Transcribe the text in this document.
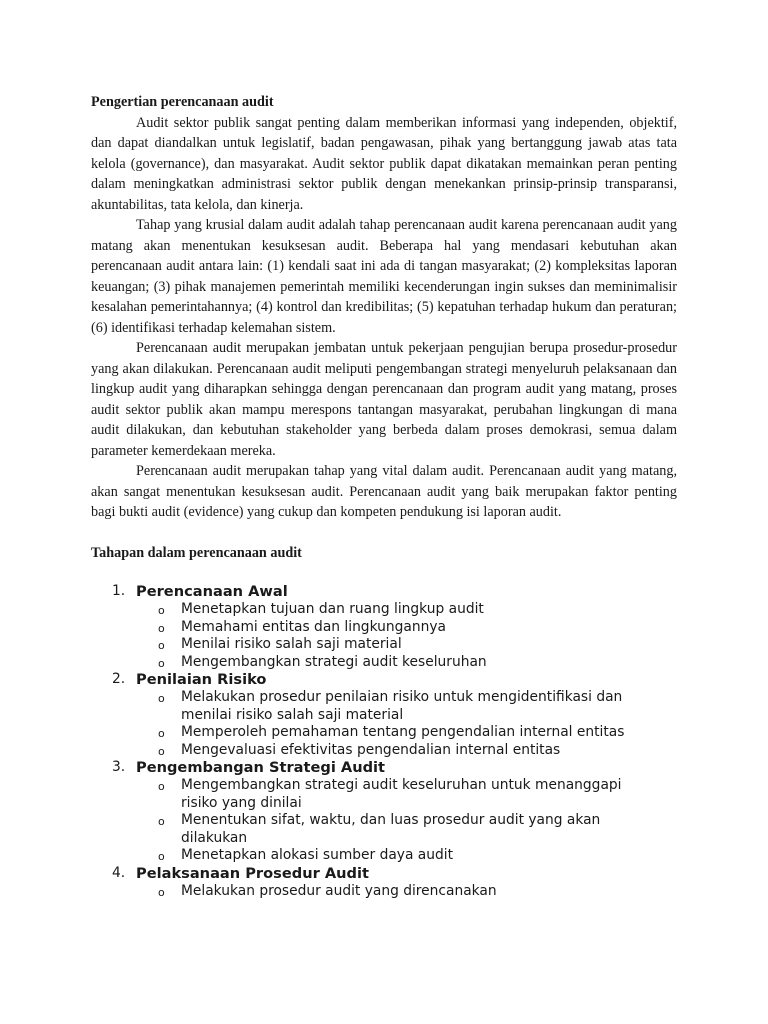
Pengertian perencanaan audit

Audit sektor publik sangat penting dalam memberikan informasi yang independen, objektif, dan dapat diandalkan untuk legislatif, badan pengawasan, pihak yang bertanggung jawab atas tata kelola (governance), dan masyarakat. Audit sektor publik dapat dikatakan memainkan peran penting dalam meningkatkan administrasi sektor publik dengan menekankan prinsip-prinsip transparansi, akuntabilitas, tata kelola, dan kinerja.

Tahap yang krusial dalam audit adalah tahap perencanaan audit karena perencanaan audit yang matang akan menentukan kesuksesan audit. Beberapa hal yang mendasari kebutuhan akan perencanaan audit antara lain: (1) kendali saat ini ada di tangan masyarakat; (2) kompleksitas laporan keuangan; (3) pihak manajemen pemerintah memiliki kecenderungan ingin sukses dan meminimalisir kesalahan pemerintahannya; (4) kontrol dan kredibilitas; (5) kepatuhan terhadap hukum dan peraturan; (6) identifikasi terhadap kelemahan sistem.

Perencanaan audit merupakan jembatan untuk pekerjaan pengujian berupa prosedur-prosedur yang akan dilakukan. Perencanaan audit meliputi pengembangan strategi menyeluruh pelaksanaan dan lingkup audit yang diharapkan sehingga dengan perencanaan dan program audit yang matang, proses audit sektor publik akan mampu merespons tantangan masyarakat, perubahan lingkungan di mana audit dilakukan, dan kebutuhan stakeholder yang berbeda dalam proses demokrasi, semua dalam parameter kemerdekaan mereka.

Perencanaan audit merupakan tahap yang vital dalam audit. Perencanaan audit yang matang, akan sangat menentukan kesuksesan audit. Perencanaan audit yang baik merupakan faktor penting bagi bukti audit (evidence) yang cukup dan kompeten pendukung isi laporan audit.

Tahapan dalam perencanaan audit

1. Perencanaan Awal
o Menetapkan tujuan dan ruang lingkup audit
o Memahami entitas dan lingkungannya
o Menilai risiko salah saji material
o Mengembangkan strategi audit keseluruhan
2. Penilaian Risiko
o Melakukan prosedur penilaian risiko untuk mengidentifikasi dan menilai risiko salah saji material
o Memperoleh pemahaman tentang pengendalian internal entitas
o Mengevaluasi efektivitas pengendalian internal entitas
3. Pengembangan Strategi Audit
o Mengembangkan strategi audit keseluruhan untuk menanggapi risiko yang dinilai
o Menentukan sifat, waktu, dan luas prosedur audit yang akan dilakukan
o Menetapkan alokasi sumber daya audit
4. Pelaksanaan Prosedur Audit
o Melakukan prosedur audit yang direncanakan
